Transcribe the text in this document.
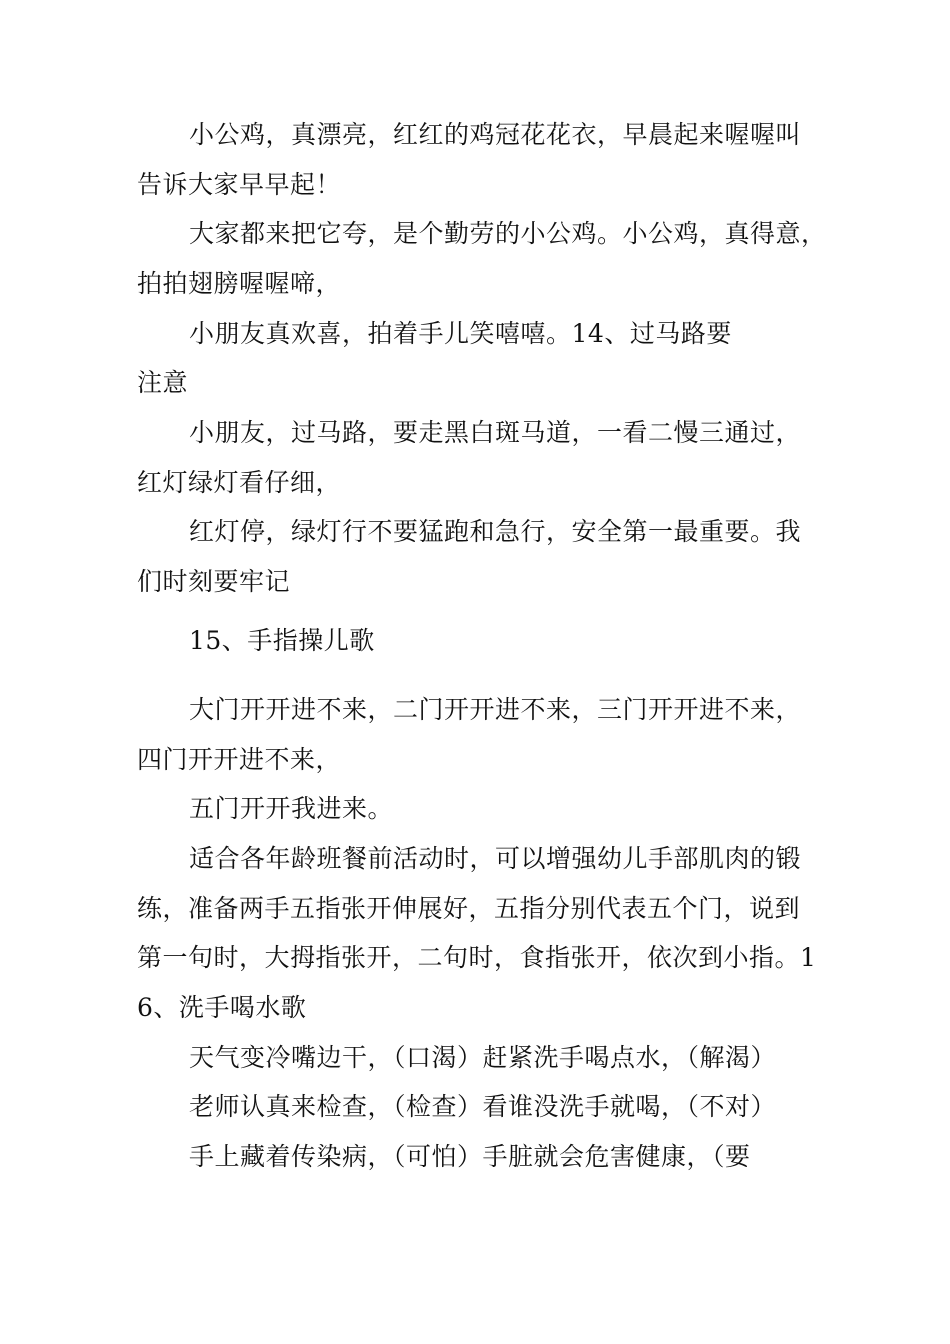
小公鸡，真漂亮，红红的鸡冠花花衣，早晨起来喔喔叫
告诉大家早早起！
大家都来把它夸，是个勤劳的小公鸡。小公鸡，真得意，
拍拍翅膀喔喔啼，
小朋友真欢喜，拍着手儿笑嘻嘻。14、过马路要
注意
小朋友，过马路，要走黑白斑马道，一看二慢三通过，
红灯绿灯看仔细，
红灯停，绿灯行不要猛跑和急行，安全第一最重要。我
们时刻要牢记
15、手指操儿歌
大门开开进不来，二门开开进不来，三门开开进不来，
四门开开进不来，
五门开开我进来。
适合各年龄班餐前活动时，可以增强幼儿手部肌肉的锻
练，准备两手五指张开伸展好，五指分别代表五个门，说到
第一句时，大拇指张开，二句时，食指张开，依次到小指。1
6、洗手喝水歌
天气变冷嘴边干，（口渴）赶紧洗手喝点水，（解渴）
老师认真来检查，（检查）看谁没洗手就喝，（不对）
手上藏着传染病，（可怕）手脏就会危害健康，（要
